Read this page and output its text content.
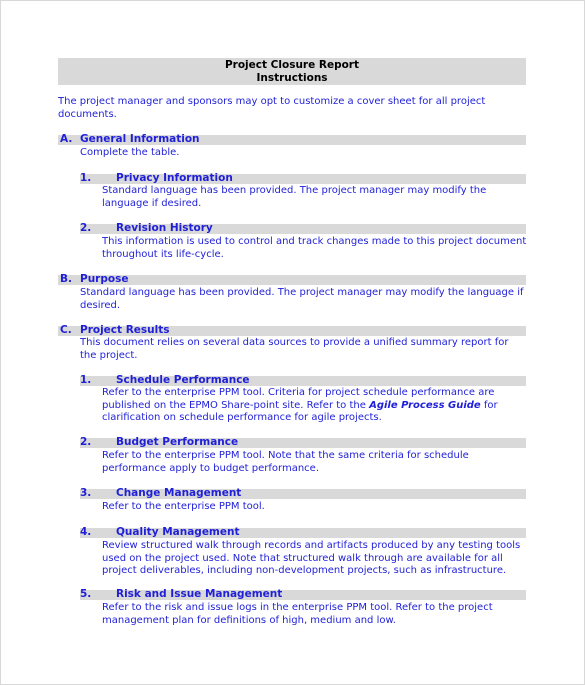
Project Closure Report
Instructions
The project manager and sponsors may opt to customize a cover sheet for all project documents.
A. General Information
Complete the table.
1. Privacy Information
Standard language has been provided. The project manager may modify the language if desired.
2. Revision History
This information is used to control and track changes made to this project document throughout its life-cycle.
B. Purpose
Standard language has been provided. The project manager may modify the language if desired.
C. Project Results
This document relies on several data sources to provide a unified summary report for the project.
1. Schedule Performance
Refer to the enterprise PPM tool. Criteria for project schedule performance are published on the EPMO Share-point site. Refer to the Agile Process Guide for clarification on schedule performance for agile projects.
2. Budget Performance
Refer to the enterprise PPM tool. Note that the same criteria for schedule performance apply to budget performance.
3. Change Management
Refer to the enterprise PPM tool.
4. Quality Management
Review structured walk through records and artifacts produced by any testing tools used on the project used. Note that structured walk through are available for all project deliverables, including non-development projects, such as infrastructure.
5. Risk and Issue Management
Refer to the risk and issue logs in the enterprise PPM tool. Refer to the project management plan for definitions of high, medium and low.
